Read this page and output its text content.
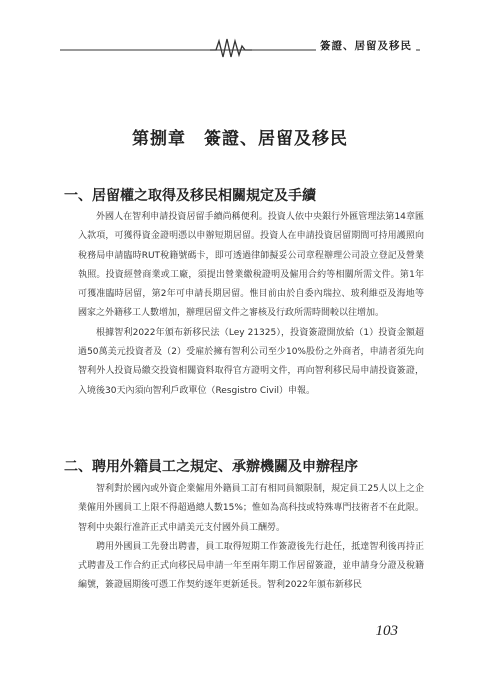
簽證、居留及移民
第捌章　簽證、居留及移民
一、居留權之取得及移民相關規定及手續

外國人在智利申請投資居留手續尚稱便利。投資人依中央銀行外匯管理法第14章匯入款項，可獲得資金證明憑以申辦短期居留。投資人在申請投資居留期間可持用護照向稅務局申請臨時RUT稅籍號碼卡，即可透過律師擬妥公司章程辦理公司設立登記及營業執照。投資經營商業或工廠，須提出營業繳稅證明及僱用合約等相關所需文件。第1年可獲准臨時居留，第2年可申請長期居留。惟目前由於自委內瑞拉、玻利維亞及海地等國家之外籍移工人數增加，辦理居留文件之審核及行政所需時間較以往增加。

根據智利2022年頒布新移民法（Ley 21325），投資簽證開放給（1）投資金額超過50萬美元投資者及（2）受雇於擁有智利公司至少10%股份之外商者，申請者須先向智利外人投資局繳交投資相關資料取得官方證明文件，再向智利移民局申請投資簽證，入境後30天內須向智利戶政單位（Resgistro Civil）申報。

二、聘用外籍員工之規定、承辦機關及申辦程序

智利對於國內或外資企業僱用外籍員工訂有相同員額限制，規定員工25人以上之企業僱用外國員工上限不得超過總人數15%；惟如為高科技或特殊專門技術者不在此限。智利中央銀行准許正式申請美元支付國外員工酬勞。

聘用外國員工先發出聘書，員工取得短期工作簽證後先行赴任，抵達智利後再持正式聘書及工作合約正式向移民局申請一年至兩年期工作居留簽證，並申請身分證及稅籍編號，簽證屆期後可憑工作契約逐年更新延長。智利2022年頒布新移民

103
